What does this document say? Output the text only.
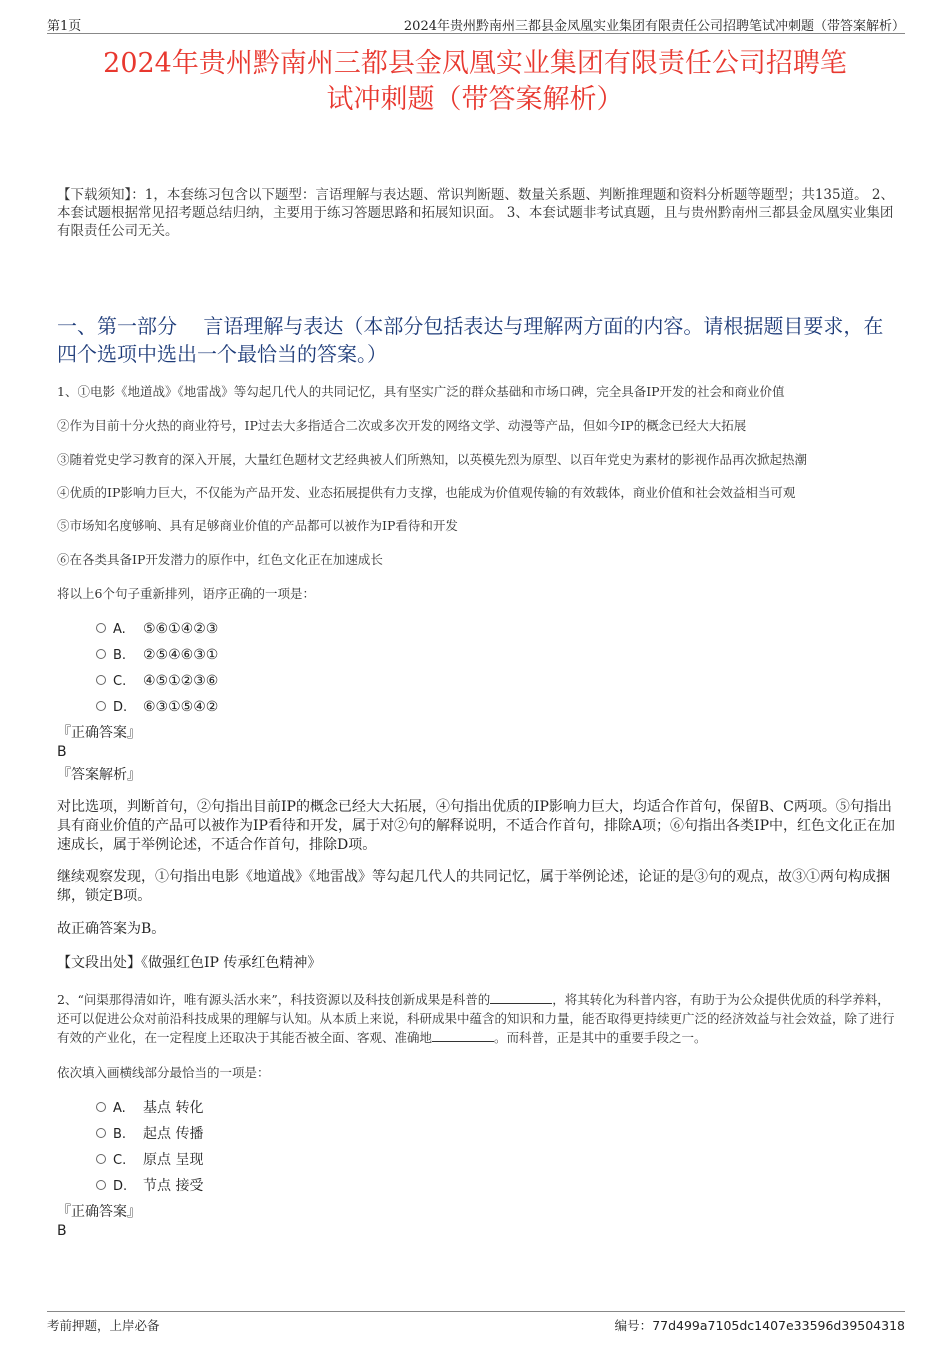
第1页	2024年贵州黔南州三都县金凤凰实业集团有限责任公司招聘笔试冲刺题（带答案解析）
2024年贵州黔南州三都县金凤凰实业集团有限责任公司招聘笔
试冲刺题（带答案解析）
【下载须知】：1，本套练习包含以下题型：言语理解与表达题、常识判断题、数量关系题、判断推理题和资料分析题等题型；共135道。 2、本套试题根据常见招考题总结归纳，主要用于练习答题思路和拓展知识面。 3、本套试题非考试真题，且与贵州黔南州三都县金凤凰实业集团有限责任公司无关。
一、第一部分　 言语理解与表达（本部分包括表达与理解两方面的内容。请根据题目要求，在四个选项中选出一个最恰当的答案。）
1、①电影《地道战》《地雷战》等勾起几代人的共同记忆，具有坚实广泛的群众基础和市场口碑，完全具备IP开发的社会和商业价值
②作为目前十分火热的商业符号，IP过去大多指适合二次或多次开发的网络文学、动漫等产品，但如今IP的概念已经大大拓展
③随着党史学习教育的深入开展，大量红色题材文艺经典被人们所熟知，以英模先烈为原型、以百年党史为素材的影视作品再次掀起热潮
④优质的IP影响力巨大，不仅能为产品开发、业态拓展提供有力支撑，也能成为价值观传输的有效载体，商业价值和社会效益相当可观
⑤市场知名度够响、具有足够商业价值的产品都可以被作为IP看待和开发
⑥在各类具备IP开发潜力的原作中，红色文化正在加速成长
将以上6个句子重新排列，语序正确的一项是：
A. ⑤⑥①④②③
B. ②⑤④⑥③①
C. ④⑤①②③⑥
D. ⑥③①⑤④②
『正确答案』
B
『答案解析』
对比选项，判断首句，②句指出目前IP的概念已经大大拓展，④句指出优质的IP影响力巨大，均适合作首句，保留B、C两项。⑤句指出具有商业价值的产品可以被作为IP看待和开发，属于对②句的解释说明，不适合作首句，排除A项；⑥句指出各类IP中，红色文化正在加速成长，属于举例论述，不适合作首句，排除D项。
继续观察发现，①句指出电影《地道战》《地雷战》等勾起几代人的共同记忆，属于举例论述，论证的是③句的观点，故③①两句构成捆绑，锁定B项。
故正确答案为B。
【文段出处】《做强红色IP 传承红色精神》
2、“问渠那得清如许，唯有源头活水来”，科技资源以及科技创新成果是科普的	，将其转化为科普内容，有助于为公众提供优质的科学养料，还可以促进公众对前沿科技成果的理解与认知。从本质上来说，科研成果中蕴含的知识和力量，能否取得更持续更广泛的经济效益与社会效益，除了进行有效的产业化，在一定程度上还取决于其能否被全面、客观、准确地	。而科普，正是其中的重要手段之一。
依次填入画横线部分最恰当的一项是：
A. 基点 转化
B. 起点 传播
C. 原点 呈现
D. 节点 接受
『正确答案』
B
考前押题，上岸必备	编号：77d499a7105dc1407e33596d39504318
